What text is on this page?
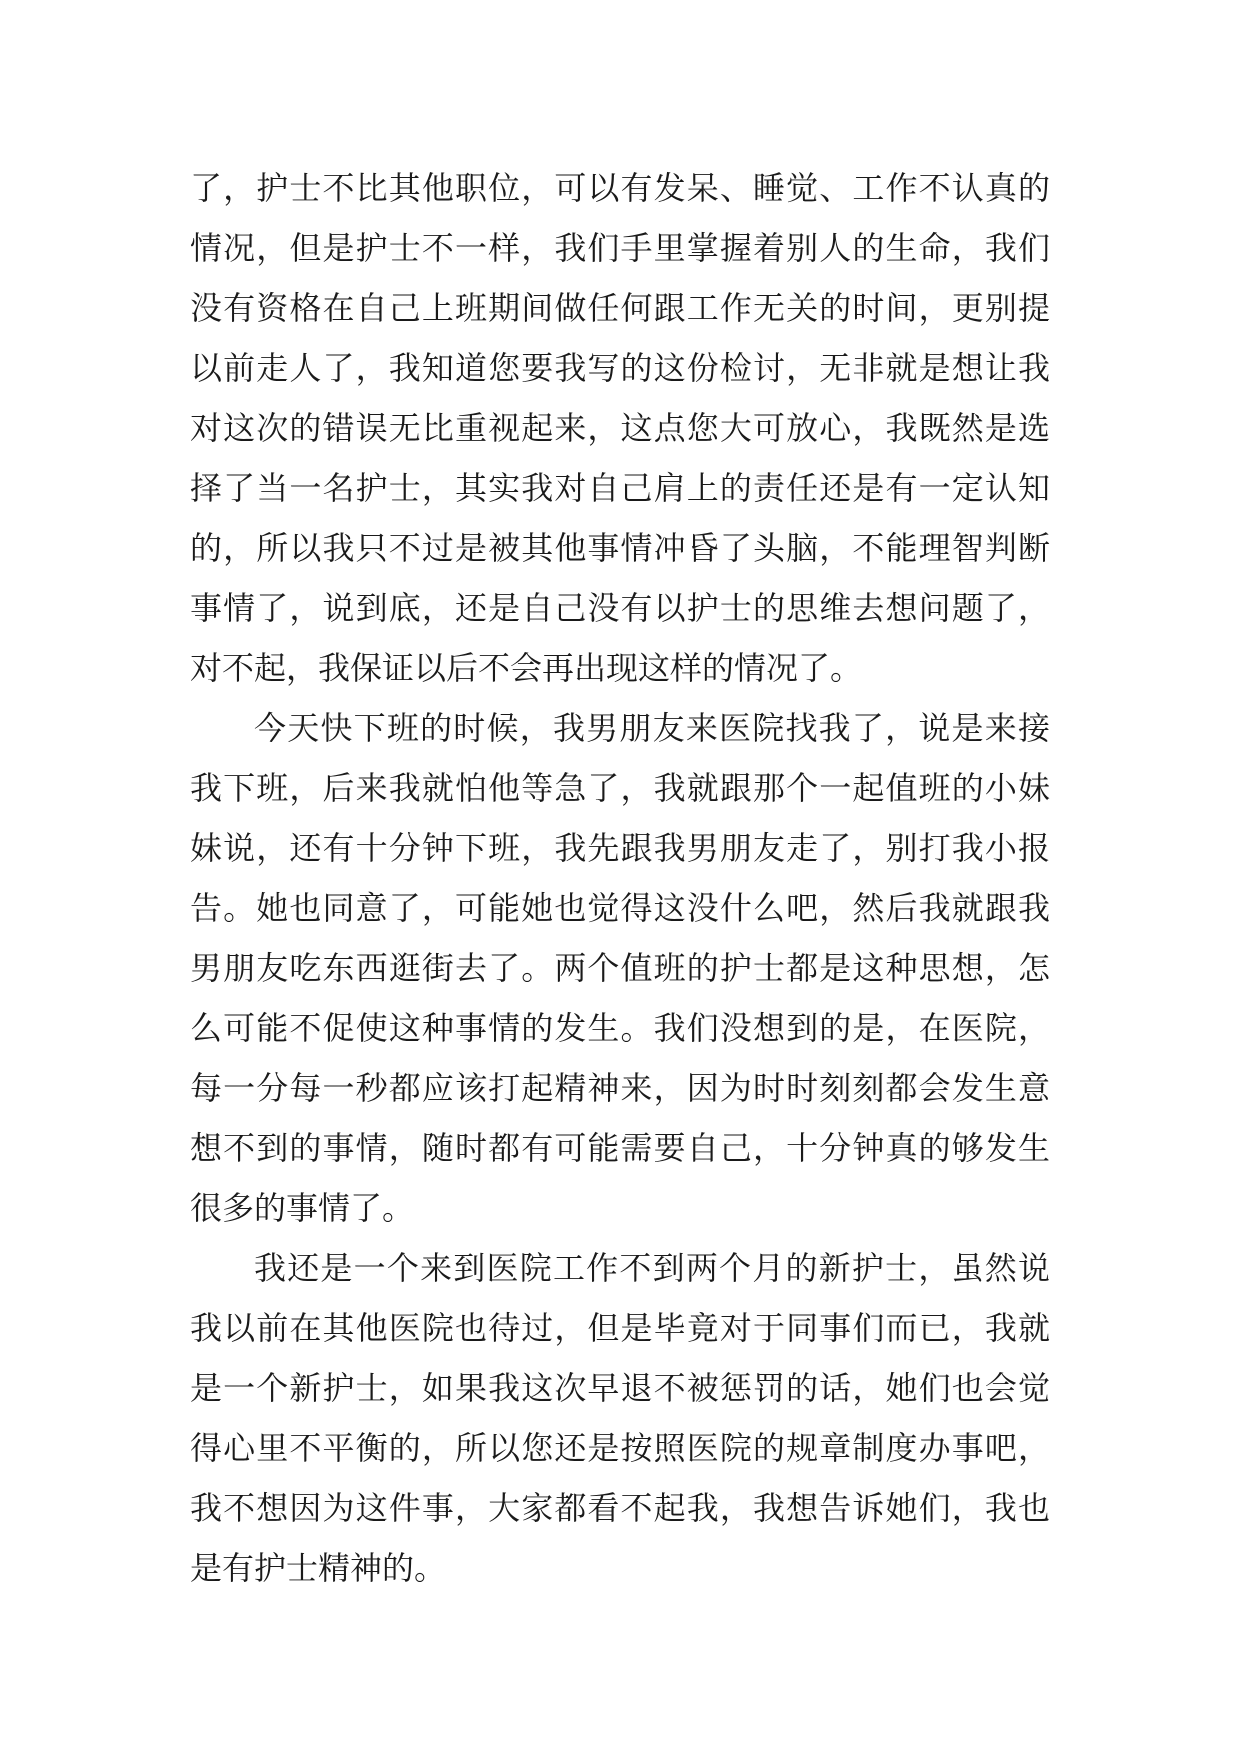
了，护士不比其他职位，可以有发呆、睡觉、工作不认真的
情况，但是护士不一样，我们手里掌握着别人的生命，我们
没有资格在自己上班期间做任何跟工作无关的时间，更别提
以前走人了，我知道您要我写的这份检讨，无非就是想让我
对这次的错误无比重视起来，这点您大可放心，我既然是选
择了当一名护士，其实我对自己肩上的责任还是有一定认知
的，所以我只不过是被其他事情冲昏了头脑，不能理智判断
事情了，说到底，还是自己没有以护士的思维去想问题了，
对不起，我保证以后不会再出现这样的情况了。
今天快下班的时候，我男朋友来医院找我了，说是来接
我下班，后来我就怕他等急了，我就跟那个一起值班的小妹
妹说，还有十分钟下班，我先跟我男朋友走了，别打我小报
告。她也同意了，可能她也觉得这没什么吧，然后我就跟我
男朋友吃东西逛街去了。两个值班的护士都是这种思想，怎
么可能不促使这种事情的发生。我们没想到的是，在医院，
每一分每一秒都应该打起精神来，因为时时刻刻都会发生意
想不到的事情，随时都有可能需要自己，十分钟真的够发生
很多的事情了。
我还是一个来到医院工作不到两个月的新护士，虽然说
我以前在其他医院也待过，但是毕竟对于同事们而已，我就
是一个新护士，如果我这次早退不被惩罚的话，她们也会觉
得心里不平衡的，所以您还是按照医院的规章制度办事吧，
我不想因为这件事，大家都看不起我，我想告诉她们，我也
是有护士精神的。
